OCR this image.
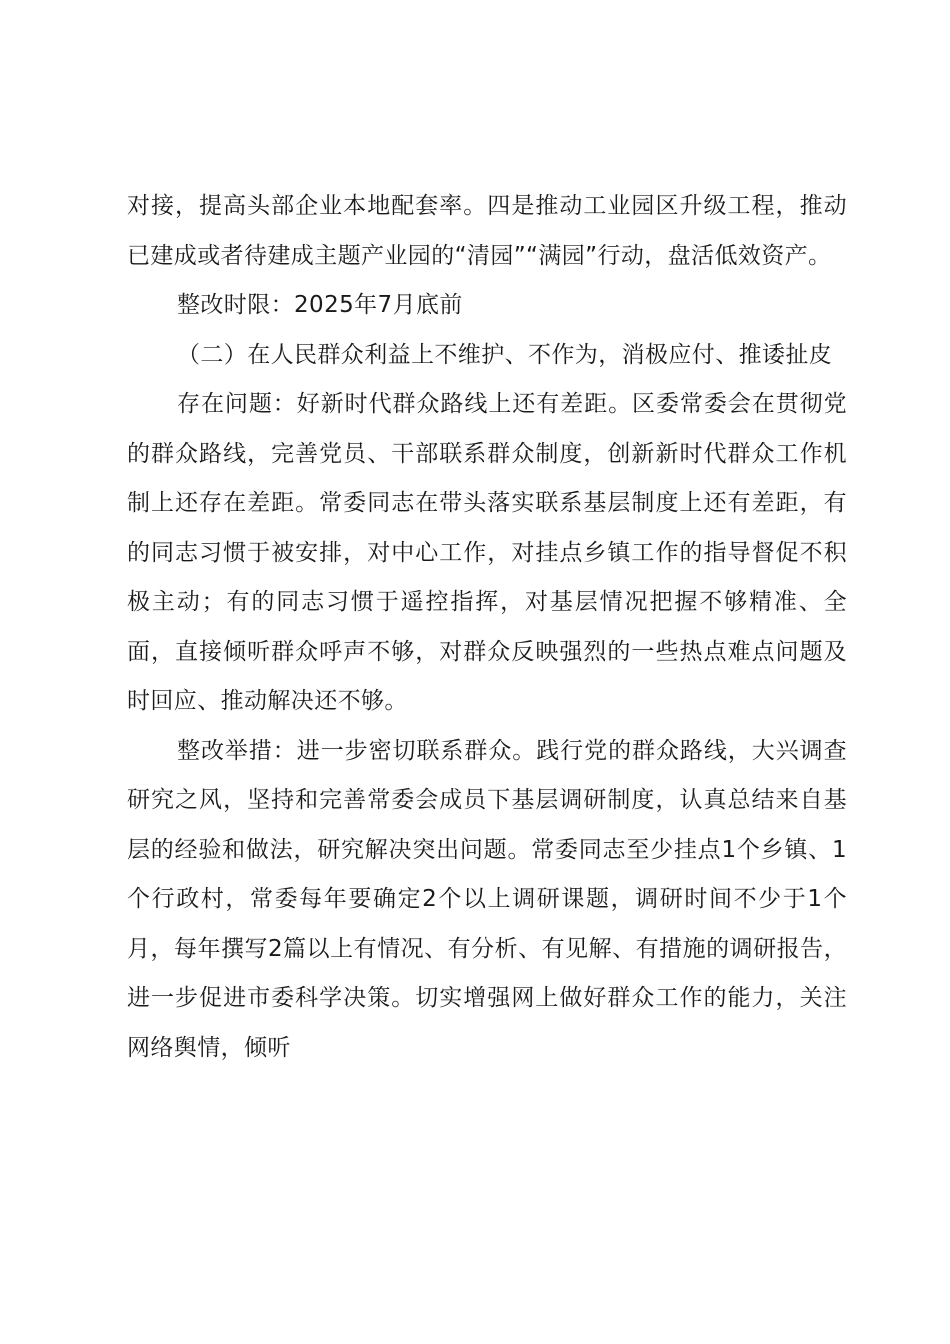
对接，提高头部企业本地配套率。四是推动工业园区升级工程，推动已建成或者待建成主题产业园的“清园”“满园”行动，盘活低效资产。

整改时限：2025年7月底前

（二）在人民群众利益上不维护、不作为，消极应付、推诿扯皮

存在问题：好新时代群众路线上还有差距。区委常委会在贯彻党的群众路线，完善党员、干部联系群众制度，创新新时代群众工作机制上还存在差距。常委同志在带头落实联系基层制度上还有差距，有的同志习惯于被安排，对中心工作，对挂点乡镇工作的指导督促不积极主动；有的同志习惯于遥控指挥，对基层情况把握不够精准、全面，直接倾听群众呼声不够，对群众反映强烈的一些热点难点问题及时回应、推动解决还不够。

整改举措：进一步密切联系群众。践行党的群众路线，大兴调查研究之风，坚持和完善常委会成员下基层调研制度，认真总结来自基层的经验和做法，研究解决突出问题。常委同志至少挂点1个乡镇、1个行政村，常委每年要确定2个以上调研课题，调研时间不少于1个月，每年撰写2篇以上有情况、有分析、有见解、有措施的调研报告，进一步促进市委科学决策。切实增强网上做好群众工作的能力，关注网络舆情，倾听
